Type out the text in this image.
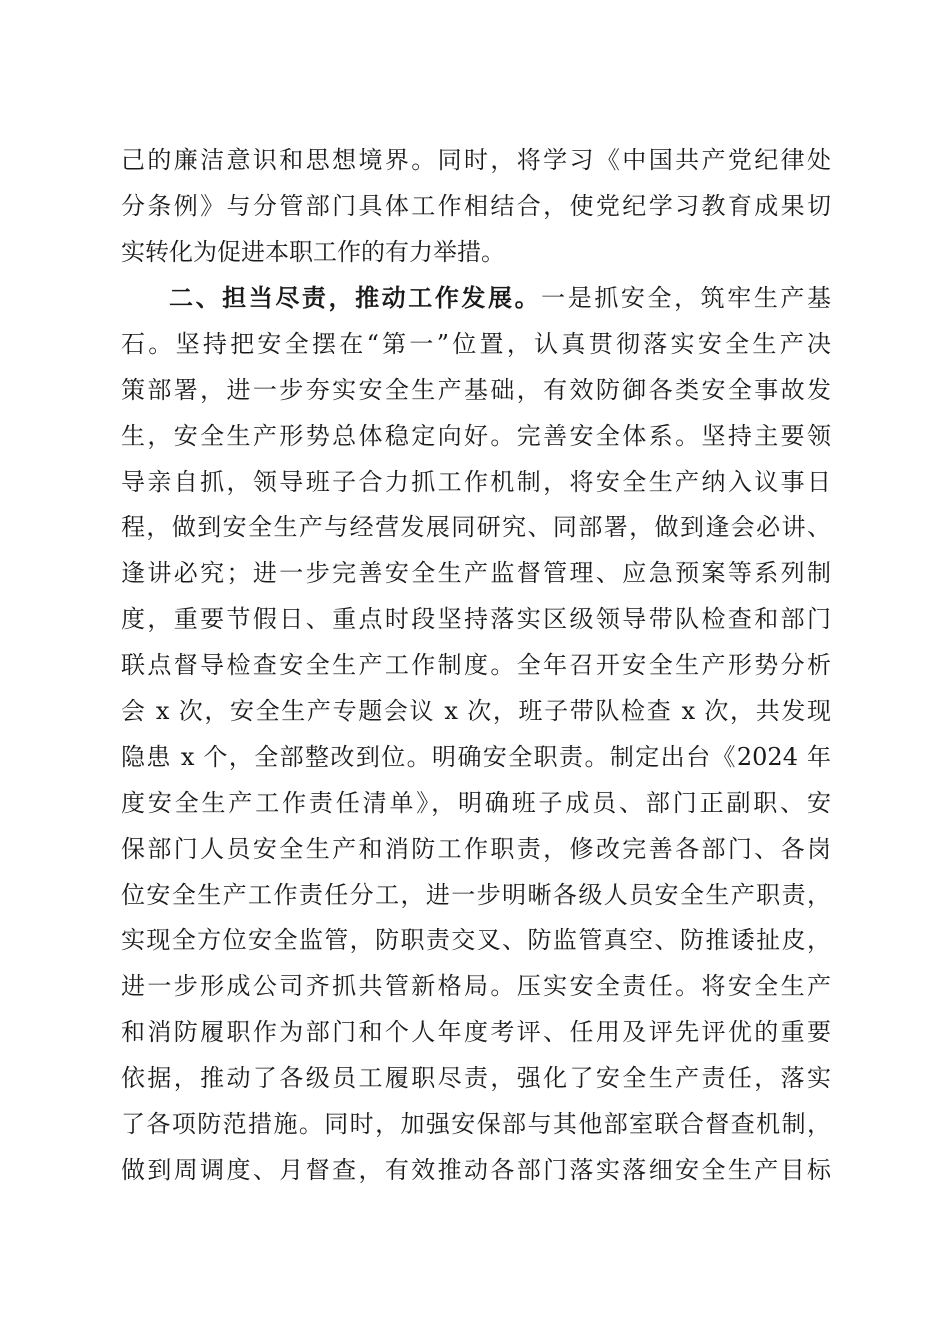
己的廉洁意识和思想境界。同时，将学习《中国共产党纪律处
分条例》与分管部门具体工作相结合，使党纪学习教育成果切
实转化为促进本职工作的有力举措。
二、担当尽责，推动工作发展。一是抓安全，筑牢生产基
石。坚持把安全摆在“第一”位置，认真贯彻落实安全生产决
策部署，进一步夯实安全生产基础，有效防御各类安全事故发
生，安全生产形势总体稳定向好。完善安全体系。坚持主要领
导亲自抓，领导班子合力抓工作机制，将安全生产纳入议事日
程，做到安全生产与经营发展同研究、同部署，做到逢会必讲、
逢讲必究；进一步完善安全生产监督管理、应急预案等系列制
度，重要节假日、重点时段坚持落实区级领导带队检查和部门
联点督导检查安全生产工作制度。全年召开安全生产形势分析
会 x 次，安全生产专题会议 x 次，班子带队检查 x 次，共发现
隐患 x 个，全部整改到位。明确安全职责。制定出台《2024 年
度安全生产工作责任清单》，明确班子成员、部门正副职、安
保部门人员安全生产和消防工作职责，修改完善各部门、各岗
位安全生产工作责任分工，进一步明晰各级人员安全生产职责，
实现全方位安全监管，防职责交叉、防监管真空、防推诿扯皮，
进一步形成公司齐抓共管新格局。压实安全责任。将安全生产
和消防履职作为部门和个人年度考评、任用及评先评优的重要
依据，推动了各级员工履职尽责，强化了安全生产责任，落实
了各项防范措施。同时，加强安保部与其他部室联合督查机制，
做到周调度、月督查，有效推动各部门落实落细安全生产目标
